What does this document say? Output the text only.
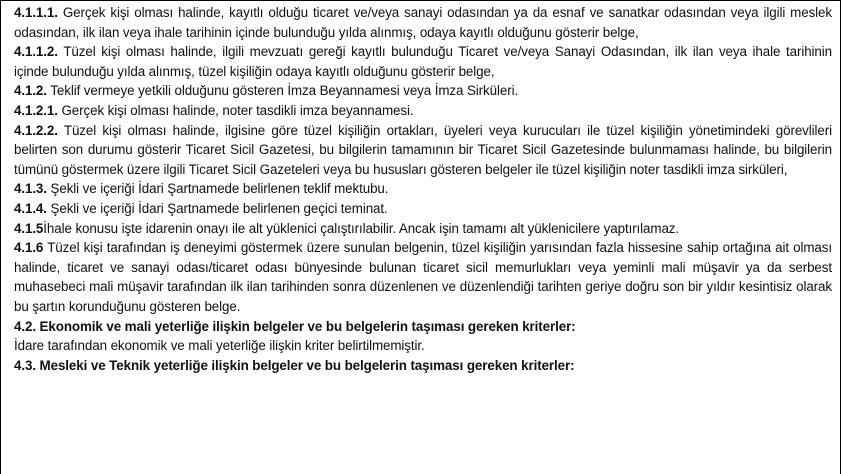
4.1.1.1. Gerçek kişi olması halinde, kayıtlı olduğu ticaret ve/veya sanayi odasından ya da esnaf ve sanatkar odasından veya ilgili meslek odasından, ilk ilan veya ihale tarihinin içinde bulunduğu yılda alınmış, odaya kayıtlı olduğunu gösterir belge,

4.1.1.2. Tüzel kişi olması halinde, ilgili mevzuatı gereği kayıtlı bulunduğu Ticaret ve/veya Sanayi Odasından, ilk ilan veya ihale tarihinin içinde bulunduğu yılda alınmış, tüzel kişiliğin odaya kayıtlı olduğunu gösterir belge,

4.1.2. Teklif vermeye yetkili olduğunu gösteren İmza Beyannamesi veya İmza Sirküleri.

4.1.2.1. Gerçek kişi olması halinde, noter tasdikli imza beyannamesi.

4.1.2.2. Tüzel kişi olması halinde, ilgisine göre tüzel kişiliğin ortakları, üyeleri veya kurucuları ile tüzel kişiliğin yönetimindeki görevlileri belirten son durumu gösterir Ticaret Sicil Gazetesi, bu bilgilerin tamamının bir Ticaret Sicil Gazetesinde bulunmaması halinde, bu bilgilerin tümünü göstermek üzere ilgili Ticaret Sicil Gazeteleri veya bu hususları gösteren belgeler ile tüzel kişiliğin noter tasdikli imza sirküleri,

4.1.3. Şekli ve içeriği İdari Şartnamede belirlenen teklif mektubu.

4.1.4. Şekli ve içeriği İdari Şartnamede belirlenen geçici teminat.

4.1.5İhale konusu işte idarenin onayı ile alt yüklenici çalıştırılabilir. Ancak işin tamamı alt yüklenicilere yaptırılamaz.

4.1.6 Tüzel kişi tarafından iş deneyimi göstermek üzere sunulan belgenin, tüzel kişiliğin yarısından fazla hissesine sahip ortağına ait olması halinde, ticaret ve sanayi odası/ticaret odası bünyesinde bulunan ticaret sicil memurlukları veya yeminli mali müşavir ya da serbest muhasebeci mali müşavir tarafından ilk ilan tarihinden sonra düzenlenen ve düzenlendiği tarihten geriye doğru son bir yıldır kesintisiz olarak bu şartın korunduğunu gösteren belge.

4.2. Ekonomik ve mali yeterliğe ilişkin belgeler ve bu belgelerin taşıması gereken kriterler:

İdare tarafından ekonomik ve mali yeterliğe ilişkin kriter belirtilmemiştir.

4.3. Mesleki ve Teknik yeterliğe ilişkin belgeler ve bu belgelerin taşıması gereken kriterler:
